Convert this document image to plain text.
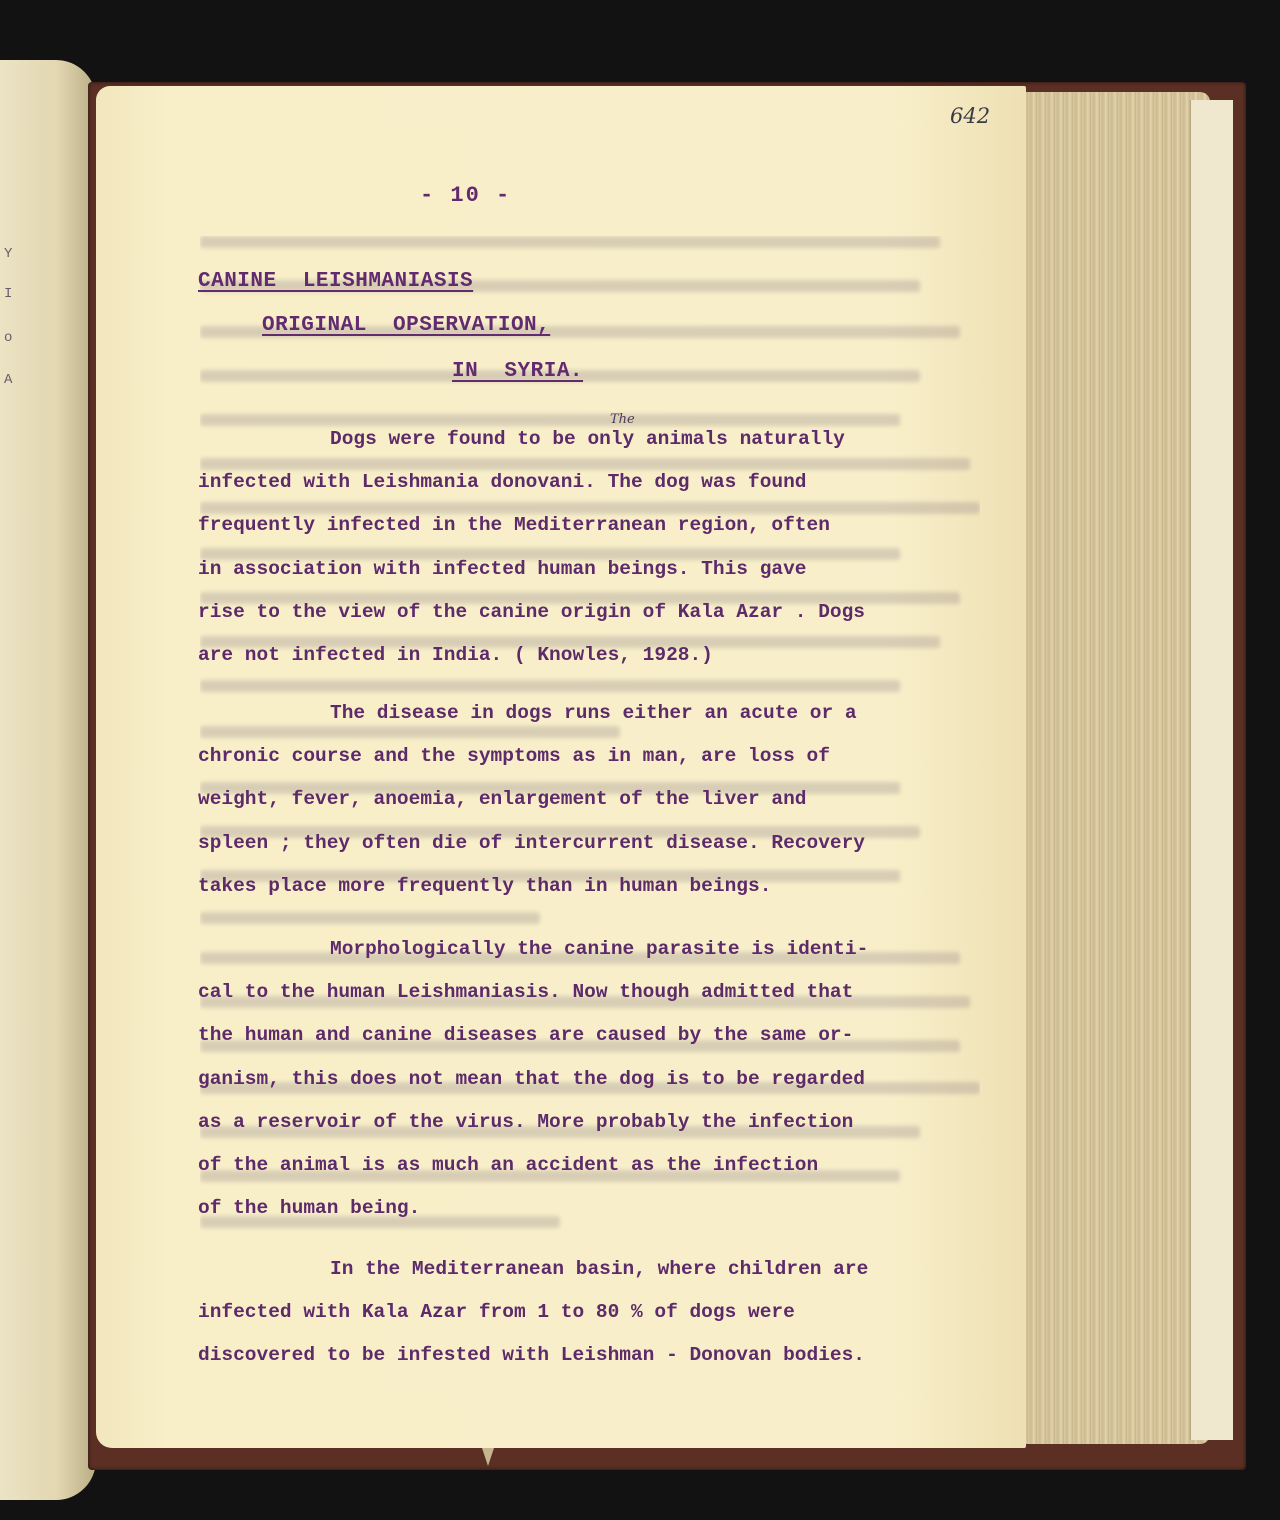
Y
I
o
A
642
- 10 -
CANINE  LEISHMANIASIS
ORIGINAL  OPSERVATION,
IN  SYRIA.
The
Dogs were found to be only animals naturally
infected with Leishmania donovani. The dog was found
frequently infected in the Mediterranean region, often
in association with infected human beings. This gave
rise to the view of the canine origin of Kala Azar . Dogs
are not infected in India. ( Knowles, 1928.)
The disease in dogs runs either an acute or a
chronic course and the symptoms as in man, are loss of
weight, fever, anoemia, enlargement of the liver and
spleen ; they often die of intercurrent disease. Recovery
takes place more frequently than in human beings.
Morphologically the canine parasite is identi-
cal to the human Leishmaniasis. Now though admitted that
the human and canine diseases are caused by the same or-
ganism, this does not mean that the dog is to be regarded
as a reservoir of the virus. More probably the infection
of the animal is as much an accident as the infection
of the human being.
In the Mediterranean basin, where children are
infected with Kala Azar from 1 to 80 % of dogs were
discovered to be infested with Leishman - Donovan bodies.
